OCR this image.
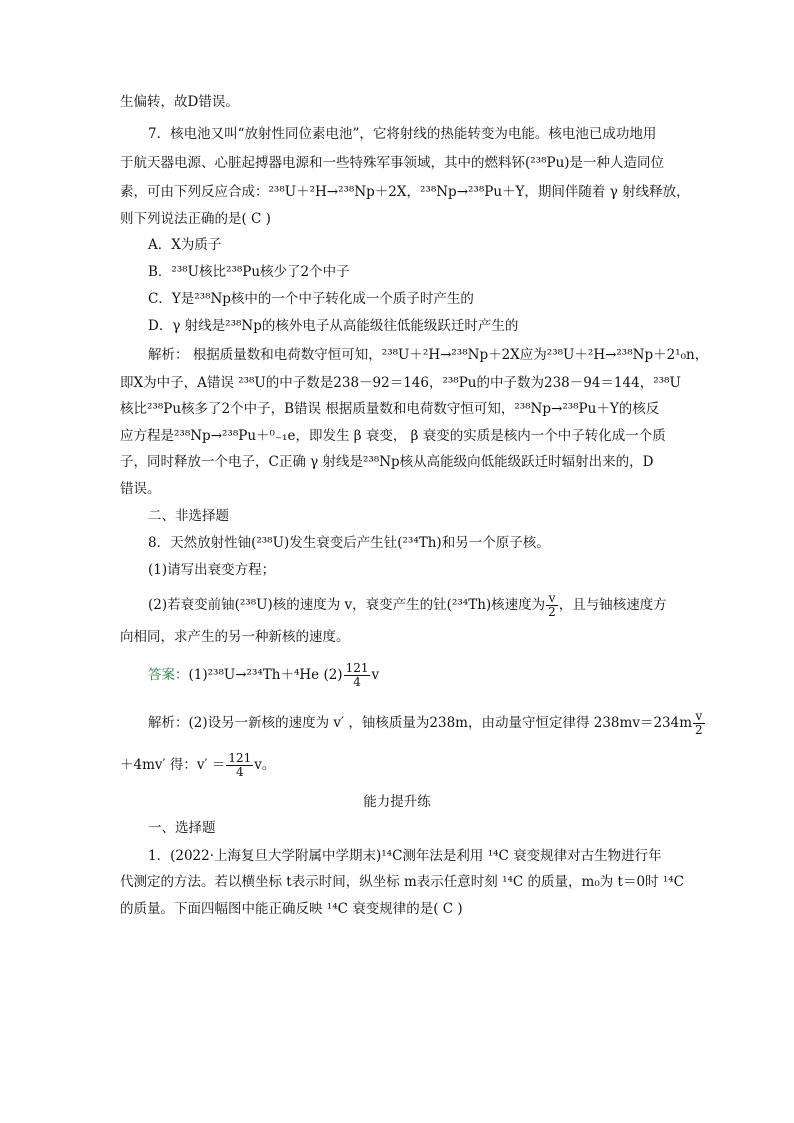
生偏转，故D错误。
7．核电池又叫“放射性同位素电池”，它将射线的热能转变为电能。核电池已成功地用
于航天器电源、心脏起搏器电源和一些特殊军事领域，其中的燃料钚(²³⁸Pu)是一种人造同位
素，可由下列反应合成：²³⁸U＋²H→²³⁸Np＋2X，²³⁸Np→²³⁸Pu＋Y，期间伴随着 γ 射线释放，
则下列说法正确的是( C )
A．X为质子
B．²³⁸U核比²³⁸Pu核少了2个中子
C．Y是²³⁸Np核中的一个中子转化成一个质子时产生的
D．γ 射线是²³⁸Np的核外电子从高能级往低能级跃迁时产生的
解析： 根据质量数和电荷数守恒可知，²³⁸U＋²H→²³⁸Np＋2X应为²³⁸U＋²H→²³⁸Np＋2¹₀n，
即X为中子，A错误 ²³⁸U的中子数是238－92＝146，²³⁸Pu的中子数为238－94＝144，²³⁸U
核比²³⁸Pu核多了2个中子，B错误 根据质量数和电荷数守恒可知，²³⁸Np→²³⁸Pu＋Y的核反
应方程是²³⁸Np→²³⁸Pu＋⁰₋₁e，即发生 β 衰变， β 衰变的实质是核内一个中子转化成一个质
子，同时释放一个电子，C正确 γ 射线是²³⁸Np核从高能级向低能级跃迁时辐射出来的，D
错误。
二、非选择题
8．天然放射性铀(²³⁸U)发生衰变后产生钍(²³⁴Th)和另一个原子核。
(1)请写出衰变方程；
(2)若衰变前铀(²³⁸U)核的速度为 v，衰变产生的钍(²³⁴Th)核速度为 $\frac{v}{2}$ ，且与铀核速度方
向相同，求产生的另一种新核的速度。
答案：(1)²³⁸U→²³⁴Th＋⁴He $(2) \frac{121}{4}$ v
解析：(2)设另一新核的速度为 v′ ，铀核质量为238m，由动量守恒定律得 $238mv=234m \frac{v}{2}$
＋4mv′ 得：$v' = \frac{121}{4}$ v。
能力提升练
一、选择题
1．(2022·上海复旦大学附属中学期末)¹⁴C测年法是利用 ¹⁴C 衰变规律对古生物进行年
代测定的方法。若以横坐标 t表示时间，纵坐标 m表示任意时刻 ¹⁴C 的质量，m₀为 t＝0时 ¹⁴C
的质量。下面四幅图中能正确反映 ¹⁴C 衰变规律的是( C )
